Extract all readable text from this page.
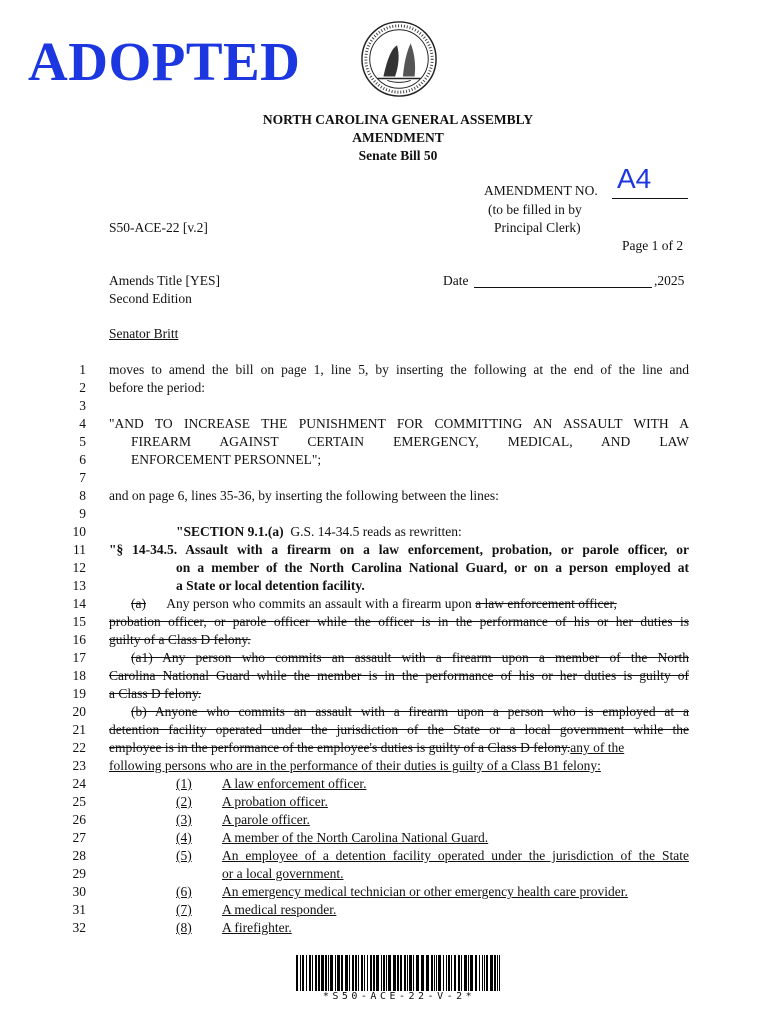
ADOPTED
NORTH CAROLINA GENERAL ASSEMBLY
AMENDMENT
Senate Bill 50
AMENDMENT NO. A4
(to be filled in by
Principal Clerk)
S50-ACE-22 [v.2]
Page 1 of 2
Amends Title [YES]
Second Edition
Date	,2025
Senator Britt
1
2
3
4
5
6
7
8
9
10
11
12
13
14
15
16
17
18
19
20
21
22
23
24
25
26
27
28
29
30
31
32
moves to amend the bill on page 1, line 5, by inserting the following at the end of the line and
before the period:
"AND TO INCREASE THE PUNISHMENT FOR COMMITTING AN ASSAULT WITH A
FIREARM AGAINST CERTAIN EMERGENCY, MEDICAL, AND LAW
ENFORCEMENT PERSONNEL";
and on page 6, lines 35-36, by inserting the following between the lines:
"SECTION 9.1.(a) G.S. 14-34.5 reads as rewritten:
"§ 14-34.5. Assault with a firearm on a law enforcement, probation, or parole officer, or
on a member of the North Carolina National Guard, or on a person employed at
a State or local detention facility.
(a) Any person who commits an assault with a firearm upon a law enforcement officer,
probation officer, or parole officer while the officer is in the performance of his or her duties is
guilty of a Class D felony.
(a1) Any person who commits an assault with a firearm upon a member of the North
Carolina National Guard while the member is in the performance of his or her duties is guilty of
a Class D felony.
(b) Anyone who commits an assault with a firearm upon a person who is employed at a
detention facility operated under the jurisdiction of the State or a local government while the
employee is in the performance of the employee's duties is guilty of a Class D felony.any of the
following persons who are in the performance of their duties is guilty of a Class B1 felony:
(1) A law enforcement officer.
(2) A probation officer.
(3) A parole officer.
(4) A member of the North Carolina National Guard.
(5) An employee of a detention facility operated under the jurisdiction of the State
(6) An emergency medical technician or other emergency health care provider.
(7) A medical responder.
(8) A firefighter.
or a local government.
*S50-ACE-22-V-2*
